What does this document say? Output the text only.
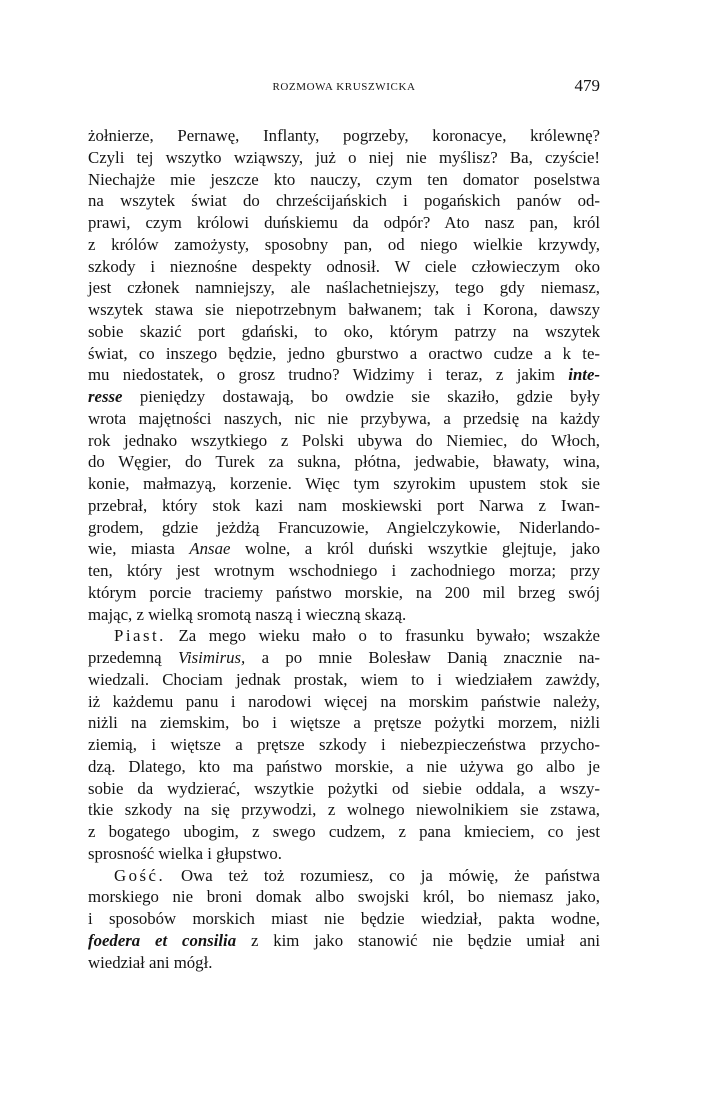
ROZMOWA KRUSZWICKA	479
żołnierze, Pernawę, Inflanty, pogrzeby, koronacye, królewnę?
Czyli tej wszytko wziąwszy, już o niej nie myślisz? Ba, czyście!
Niechajże mie jeszcze kto nauczy, czym ten domator poselstwa
na wszytek świat do chrześcijańskich i pogańskich panów od-
prawi, czym królowi duńskiemu da odpór? Ato nasz pan, król
z królów zamożysty, sposobny pan, od niego wielkie krzywdy,
szkody i nieznośne despekty odnosił. W ciele człowieczym oko
jest członek namniejszy, ale naślachetniejszy, tego gdy niemasz,
wszytek stawa sie niepotrzebnym bałwanem; tak i Korona, dawszy
sobie skazić port gdański, to oko, którym patrzy na wszytek
świat, co inszego będzie, jedno gburstwo a oractwo cudze a k te-
mu niedostatek, o grosz trudno? Widzimy i teraz, z jakim inte-
resse pieniędzy dostawają, bo owdzie sie skaziło, gdzie były
wrota majętności naszych, nic nie przybywa, a przedsię na każdy
rok jednako wszytkiego z Polski ubywa do Niemiec, do Włoch,
do Węgier, do Turek za sukna, płótna, jedwabie, bławaty, wina,
konie, małmazyą, korzenie. Więc tym szyrokim upustem stok sie
przebrał, który stok kazi nam moskiewski port Narwa z Iwan-
grodem, gdzie jeżdżą Francuzowie, Angielczykowie, Niderlando-
wie, miasta Ansae wolne, a król duński wszytkie glejtuje, jako
ten, który jest wrotnym wschodniego i zachodniego morza; przy
którym porcie traciemy państwo morskie, na 200 mil brzeg swój
mając, z wielką sromotą naszą i wieczną skazą.
Piast. Za mego wieku mało o to frasunku bywało; wszakże
przedemną Visimirus, a po mnie Bolesław Danią znacznie na-
wiedzali. Chociam jednak prostak, wiem to i wiedziałem zawżdy,
iż każdemu panu i narodowi więcej na morskim państwie należy,
niżli na ziemskim, bo i więtsze a prętsze pożytki morzem, niżli
ziemią, i więtsze a prętsze szkody i niebezpieczeństwa przycho-
dzą. Dlatego, kto ma państwo morskie, a nie używa go albo je
sobie da wydzierać, wszytkie pożytki od siebie oddala, a wszy-
tkie szkody na się przywodzi, z wolnego niewolnikiem sie zstawa,
z bogatego ubogim, z swego cudzem, z pana kmieciem, co jest
sprosność wielka i głupstwo.
Gość. Owa też toż rozumiesz, co ja mówię, że państwa
morskiego nie broni domak albo swojski król, bo niemasz jako,
i sposobów morskich miast nie będzie wiedział, pakta wodne,
foedera et consilia z kim jako stanowić nie będzie umiał ani
wiedział ani mógł.
